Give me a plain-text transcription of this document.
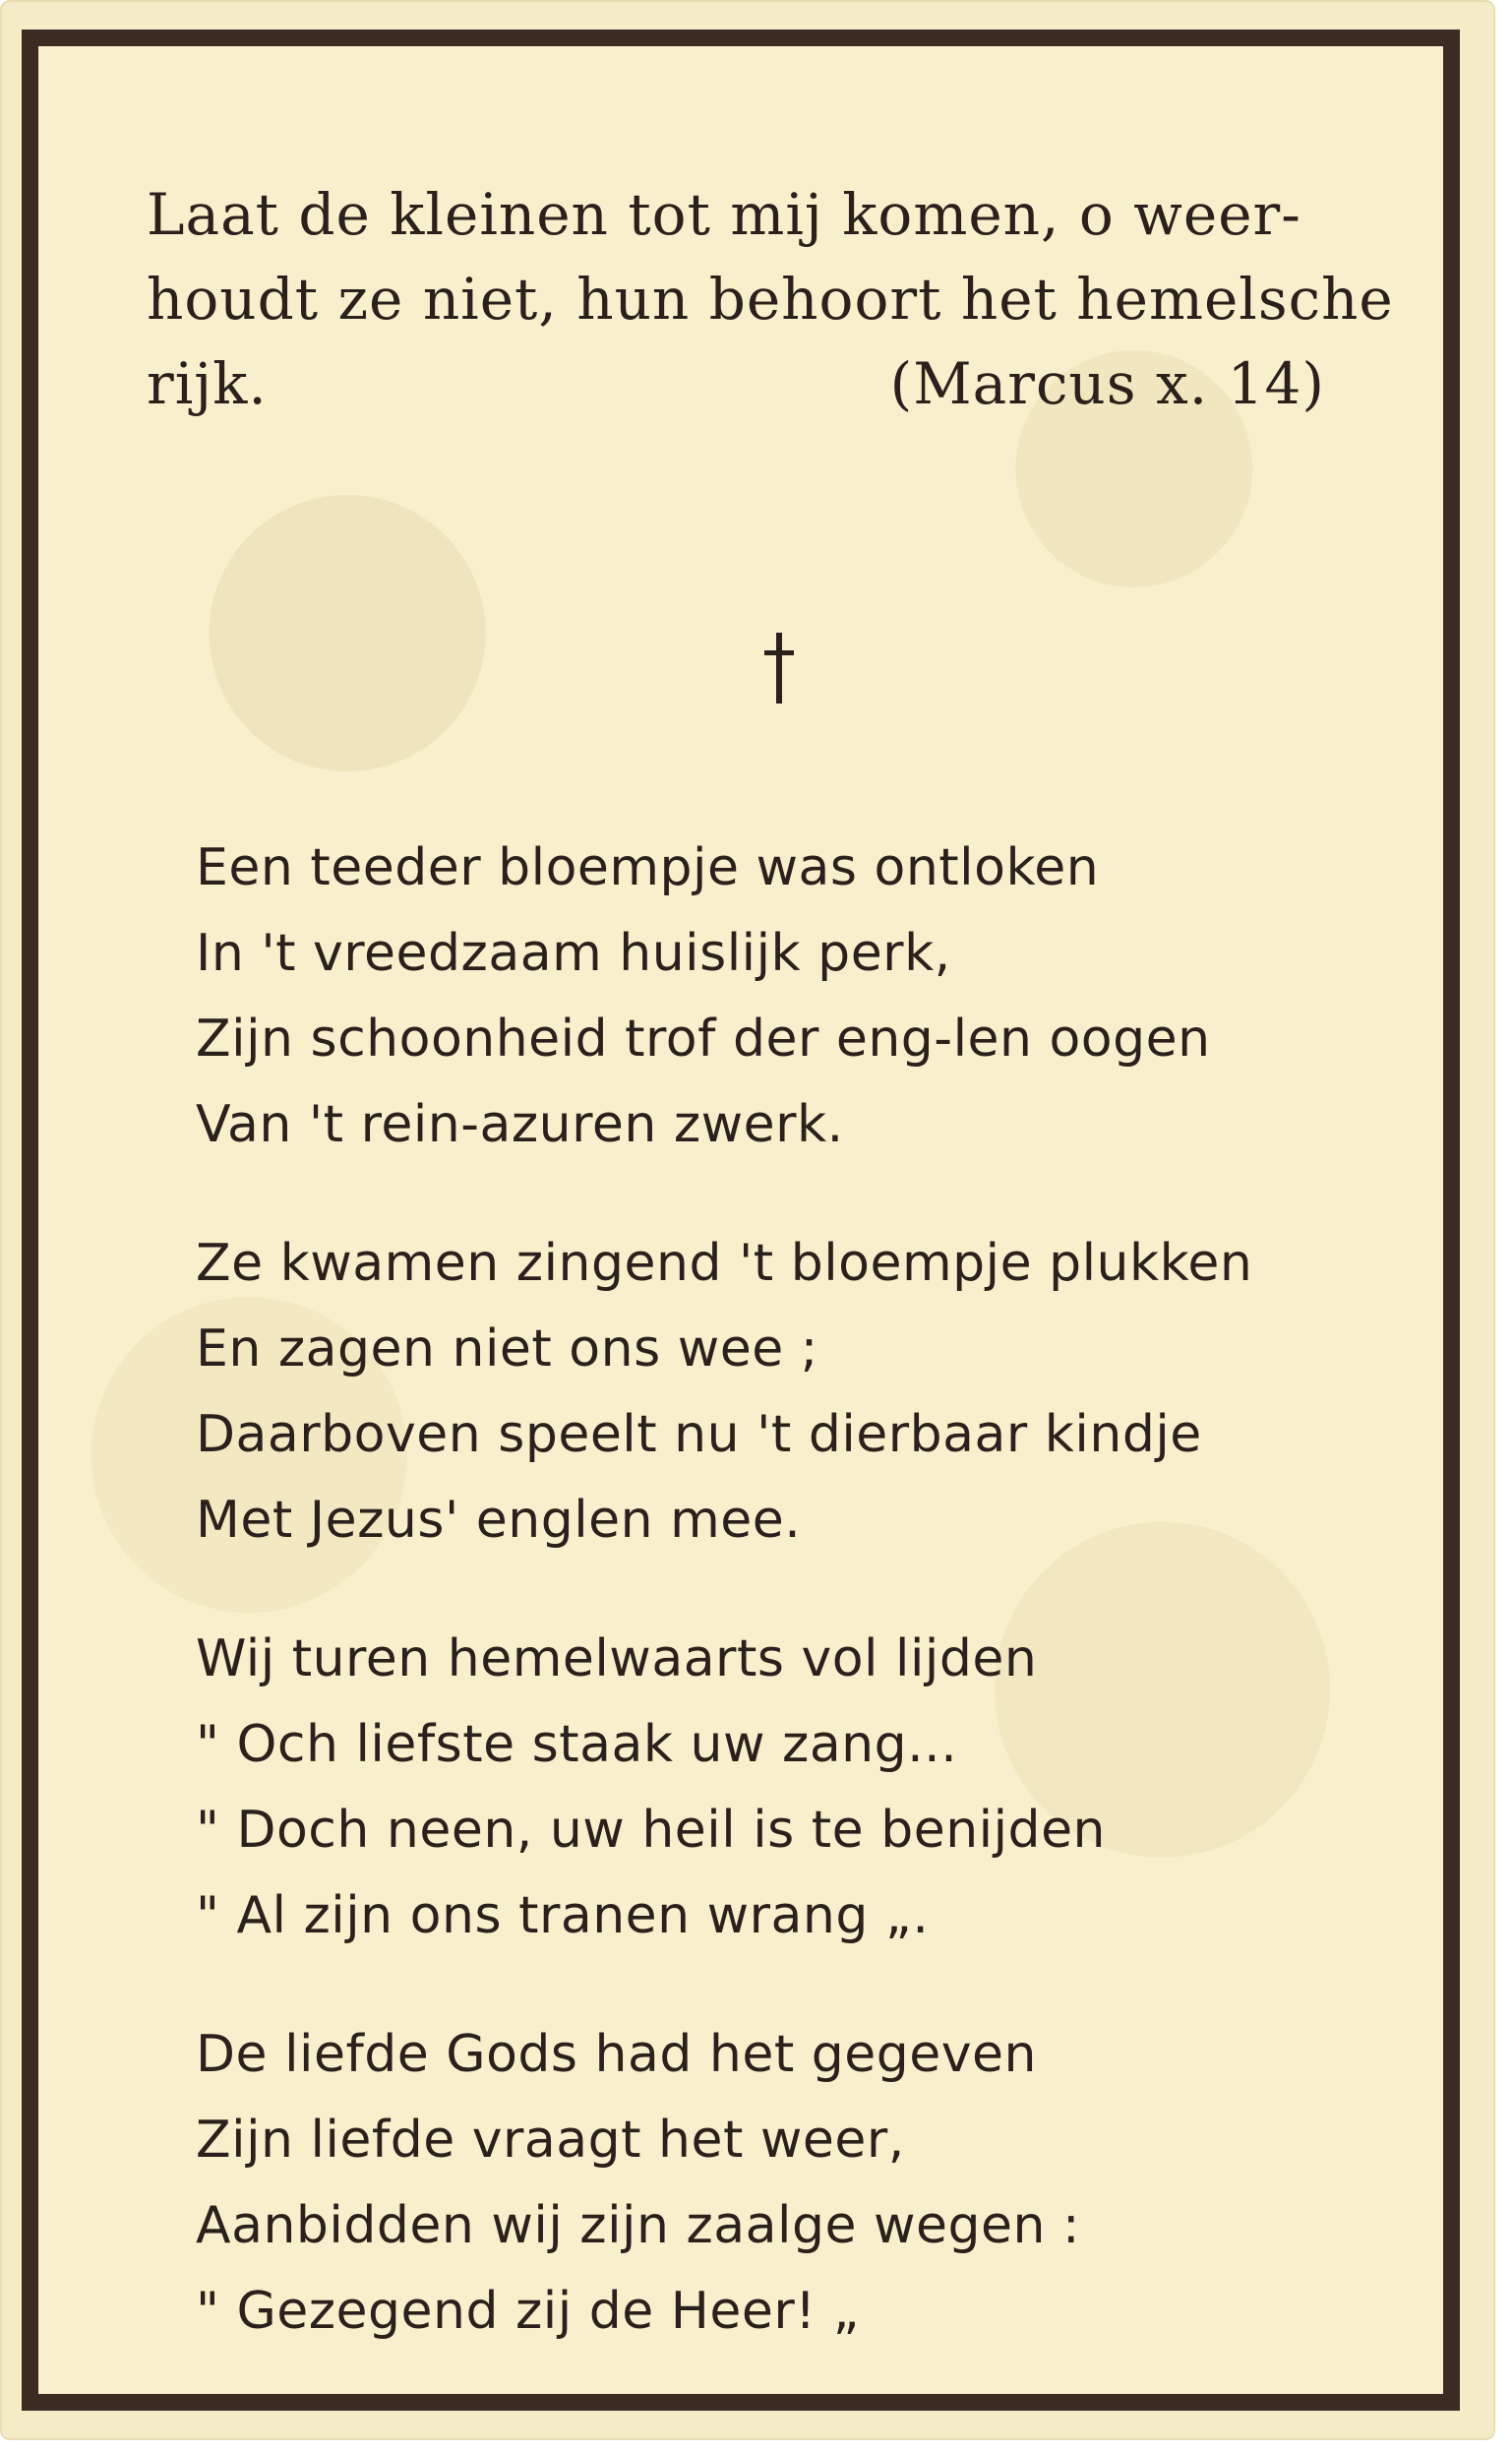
Laat de kleinen tot mij komen, o weer-
houdt ze niet, hun behoort het hemelsche
rijk.	(Marcus x. 14)
Een teeder bloempje was ontloken
In 't vreedzaam huislijk perk,
Zijn schoonheid trof der eng-len oogen
Van 't rein-azuren zwerk.
Ze kwamen zingend 't bloempje plukken
En zagen niet ons wee ;
Daarboven speelt nu 't dierbaar kindje
Met Jezus' englen mee.
Wij turen hemelwaarts vol lijden
" Och liefste staak uw zang...
" Doch neen, uw heil is te benijden
" Al zijn ons tranen wrang „.
De liefde Gods had het gegeven
Zijn liefde vraagt het weer,
Aanbidden wij zijn zaalge wegen :
" Gezegend zij de Heer! „
